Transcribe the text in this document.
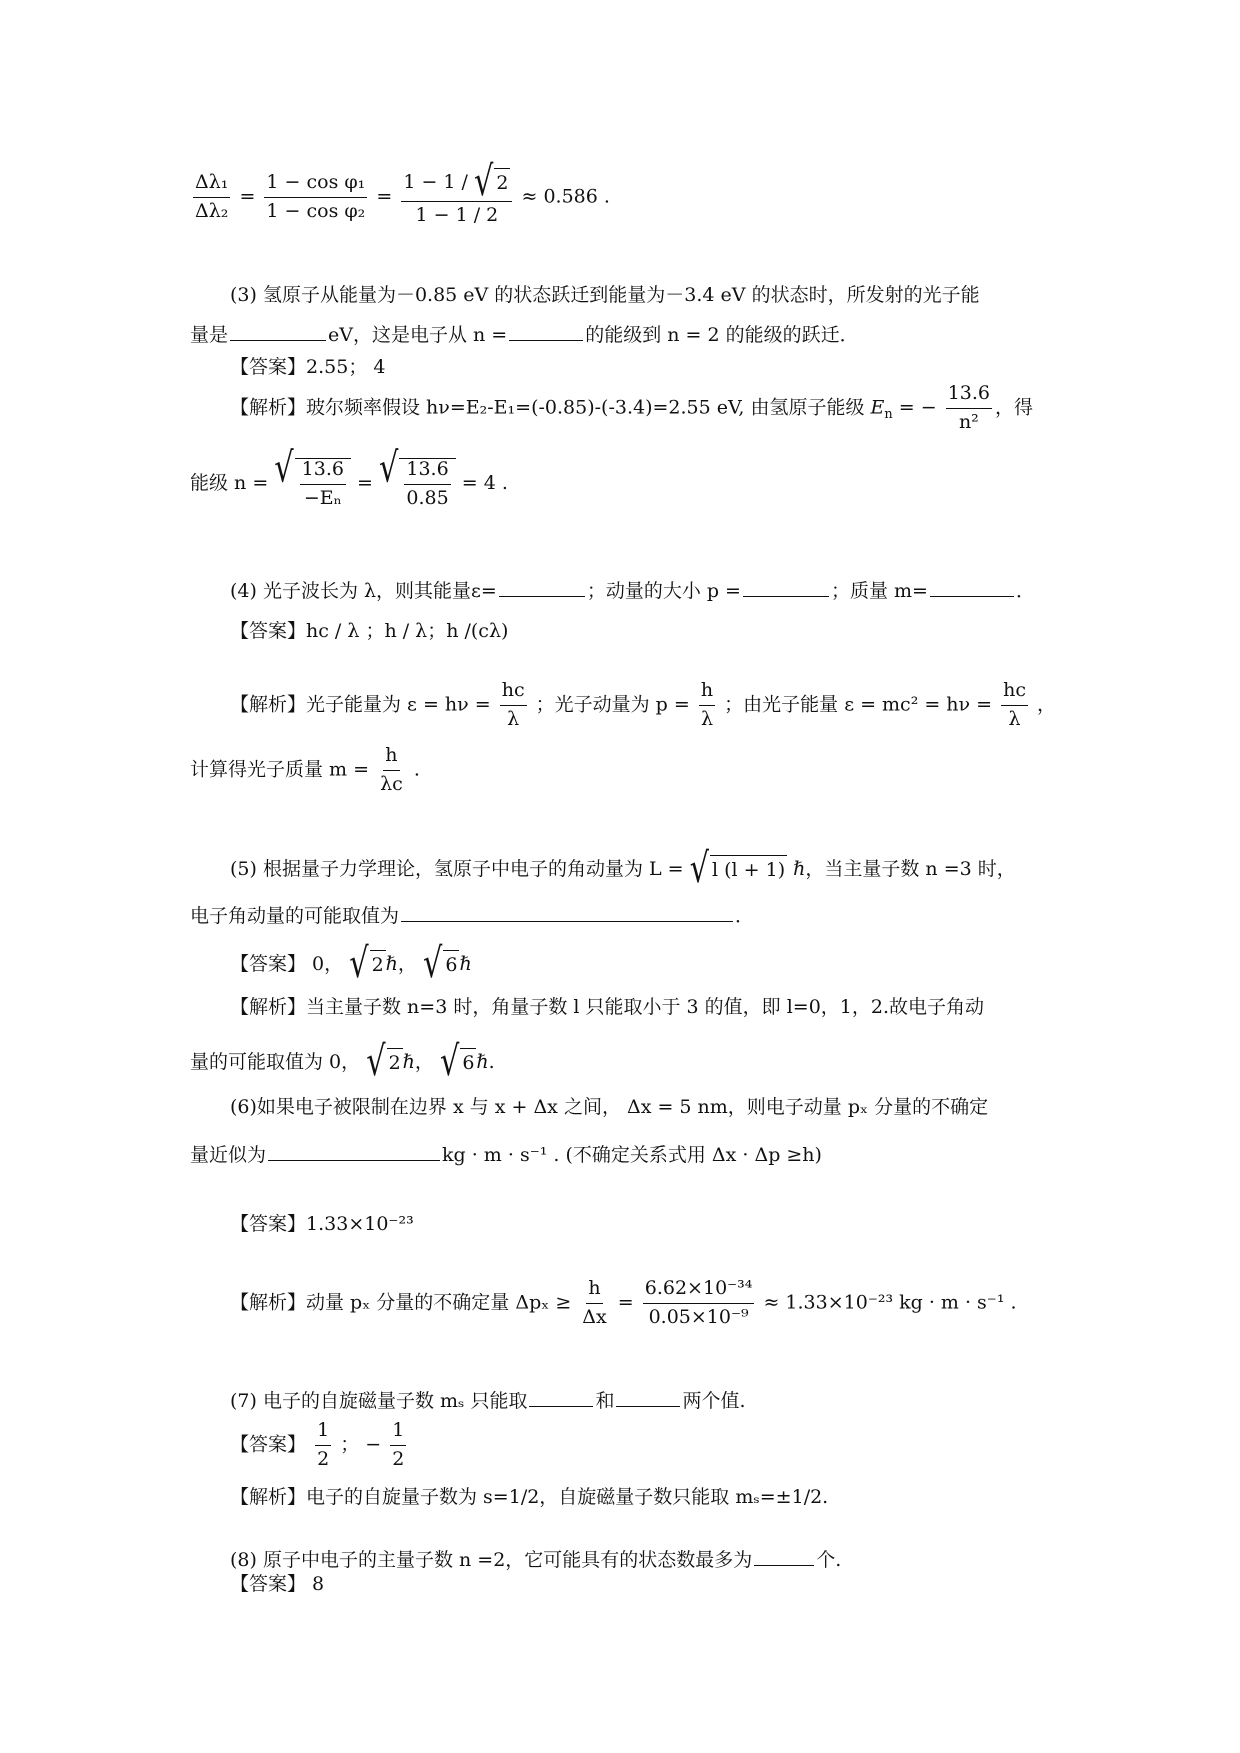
$\frac{\text{Δλ₁}}{\text{Δλ₂}} = \frac{\text{1 − cos φ₁}}{\text{1 − cos φ₂}} = \frac{1 - 1 / √ 2}{1 - 1 / 2} \approx 0.586$ .
(3) 氢原子从能量为－0.85 eV 的状态跃迁到能量为－3.4 eV 的状态时，所发射的光子能
量是	eV，这是电子从 n =	的能级到 n = 2 的能级的跃迁．
【答案】2.55； 4
【解析】玻尔频率假设 hν=E₂-E₁=(-0.85)-(-3.4)=2.55 eV, 由氢原子能级 $E_n$ = − $\frac{13.6}{\text{n²}}$ ，得
能级 n = √ 13.6
−Eₙ
= √ 13.6
0.85
= 4 .
(4) 光子波长为 λ，则其能量ε=	；动量的大小 p =	；质量 m=	．
【答案】hc / λ ；h / λ；h /(cλ)
【解析】光子能量为 $\varepsilon = h\nu = \frac{hc}{\lambda}$ ；光子动量为 $p = \frac{h}{\lambda}$ ；由光子能量 $\varepsilon = mc^2 = h\nu = \frac{hc}{\lambda}$ ，
计算得光子质量 $m = \frac{h}{\lambda c}$ .
(5) 根据量子力学理论，氢原子中电子的角动量为 L = √ l (l + 1) ℏ，当主量子数 n =3 时，
电子角动量的可能取值为	．
【答案】 0， √ 2 ℏ， √ 6 ℏ
【解析】当主量子数 n=3 时，角量子数 l 只能取小于 3 的值，即 l=0，1，2.故电子角动
量的可能取值为 0， √ 2 ℏ， √ 6 ℏ.
(6)如果电子被限制在边界 x 与 x + Δx 之间， Δx = 5 nm，则电子动量 pₓ 分量的不确定
量近似为	kg · m · s⁻¹ . (不确定关系式用 Δx · Δp ≥h)
【答案】1.33×10⁻²³
【解析】动量 pₓ 分量的不确定量 $\Delta p_x \ge \frac{h}{\Delta x} = \frac{\text{6.62×10⁻³⁴}}{\text{0.05×10⁻⁹}} \approx 1.33\times 10^{-23}$ kg · m · s⁻¹ .
(7) 电子的自旋磁量子数 mₛ 只能取	和	两个值.
【答案】 $\frac{1}{2}$ ； − $\frac{1}{2}$
【解析】电子的自旋量子数为 s=1/2，自旋磁量子数只能取 mₛ=±1/2.
(8) 原子中电子的主量子数 n =2，它可能具有的状态数最多为	个.
【答案】 8
